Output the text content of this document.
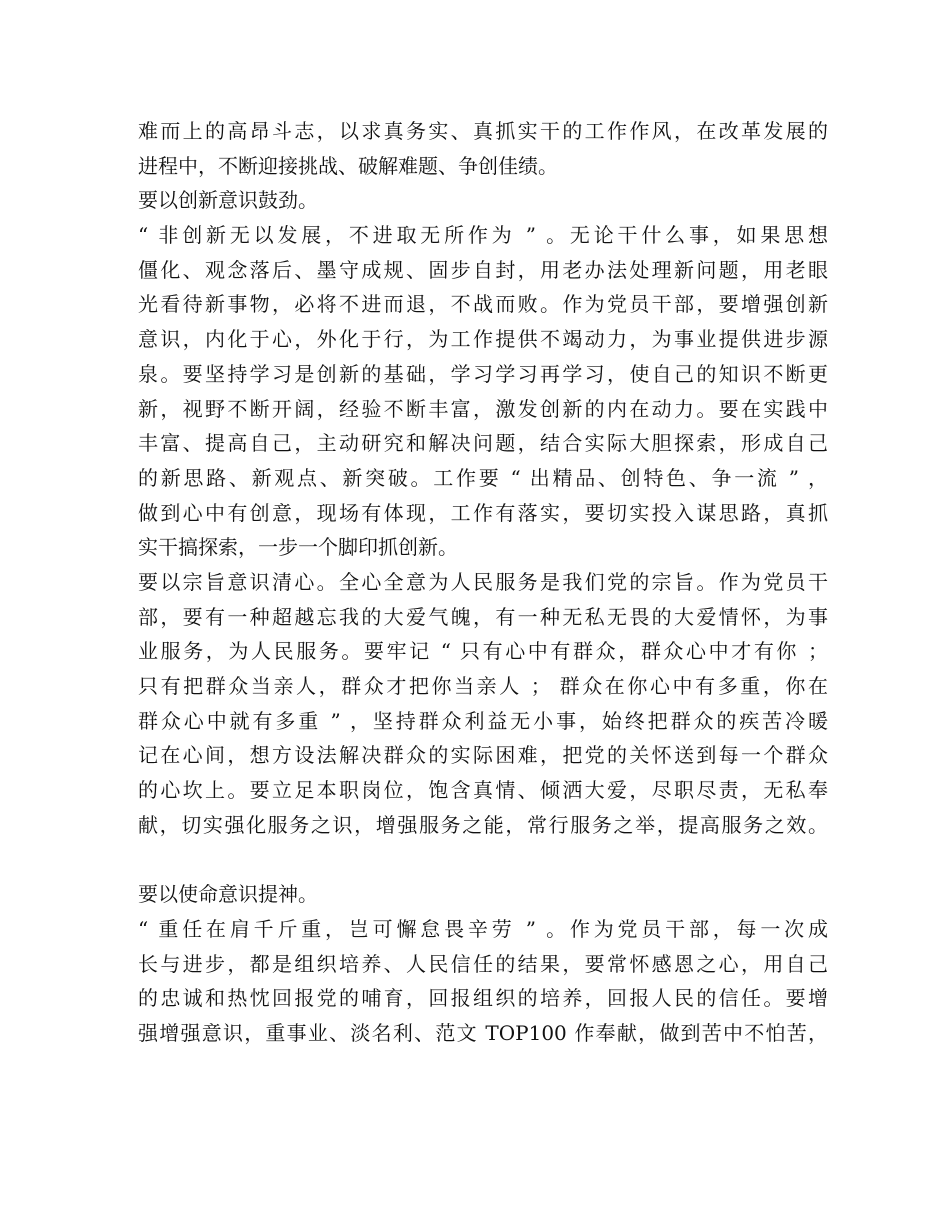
难而上的高昂斗志，以求真务实、真抓实干的工作作风，在改革发展的
进程中，不断迎接挑战、破解难题、争创佳绩。
要以创新意识鼓劲。
“ 非创新无以发展，不进取无所作为 ” 。无论干什么事，如果思想
僵化、观念落后、墨守成规、固步自封，用老办法处理新问题，用老眼
光看待新事物，必将不进而退，不战而败。作为党员干部，要增强创新
意识，内化于心，外化于行，为工作提供不竭动力，为事业提供进步源
泉。要坚持学习是创新的基础，学习学习再学习，使自己的知识不断更
新，视野不断开阔，经验不断丰富，激发创新的内在动力。要在实践中
丰富、提高自己，主动研究和解决问题，结合实际大胆探索，形成自己
的新思路、新观点、新突破。工作要 “ 出精品、创特色、争一流 ” ，
做到心中有创意，现场有体现，工作有落实，要切实投入谋思路，真抓
实干搞探索，一步一个脚印抓创新。
要以宗旨意识清心。全心全意为人民服务是我们党的宗旨。作为党员干
部，要有一种超越忘我的大爱气魄，有一种无私无畏的大爱情怀，为事
业服务，为人民服务。要牢记 “ 只有心中有群众，群众心中才有你 ；
只有把群众当亲人，群众才把你当亲人 ； 群众在你心中有多重，你在
群众心中就有多重 ” ，坚持群众利益无小事，始终把群众的疾苦冷暖
记在心间，想方设法解决群众的实际困难，把党的关怀送到每一个群众
的心坎上。要立足本职岗位，饱含真情、倾洒大爱，尽职尽责，无私奉
献，切实强化服务之识，增强服务之能，常行服务之举，提高服务之效。
要以使命意识提神。
“ 重任在肩千斤重，岂可懈怠畏辛劳 ” 。作为党员干部，每一次成
长与进步，都是组织培养、人民信任的结果，要常怀感恩之心，用自己
的忠诚和热忱回报党的哺育，回报组织的培养，回报人民的信任。要增
强增强意识，重事业、淡名利、范文 TOP100 作奉献，做到苦中不怕苦，
